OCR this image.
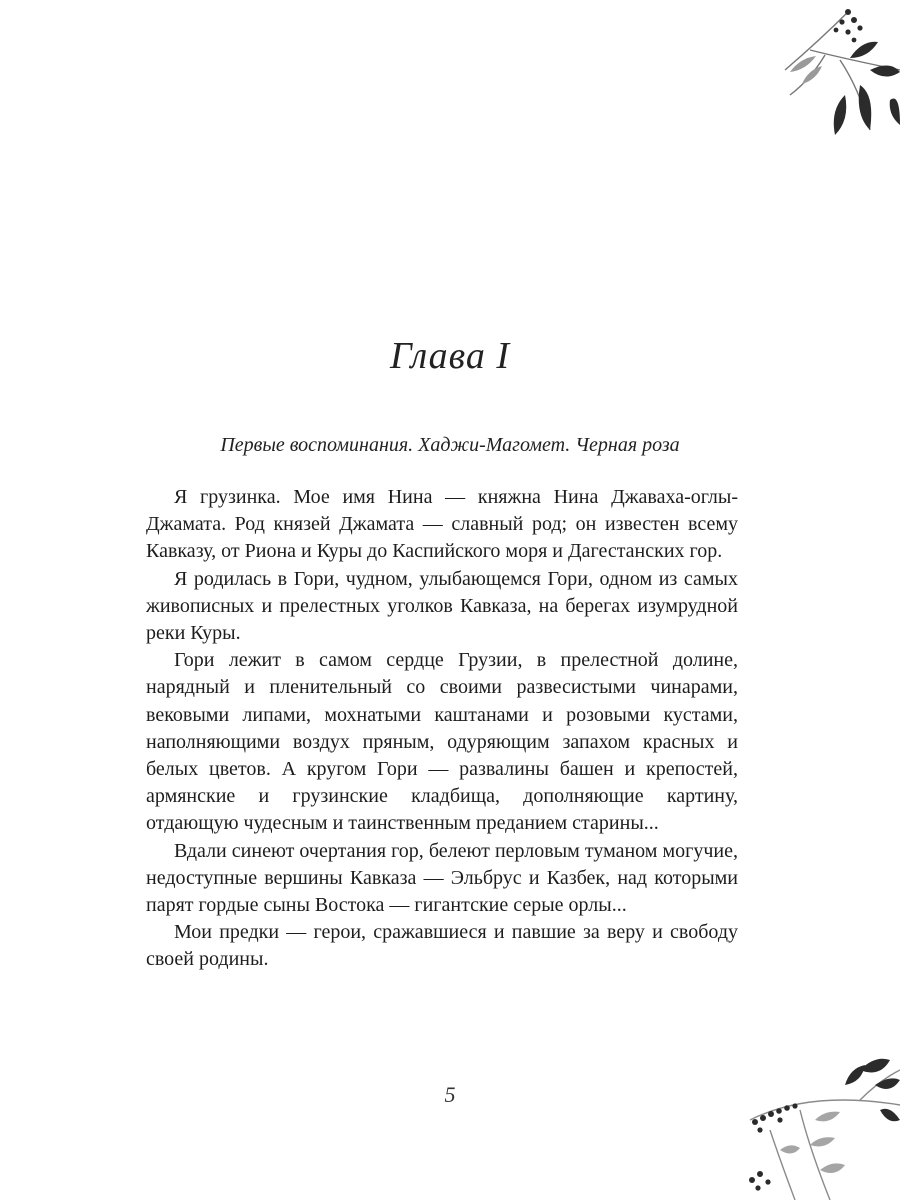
Глава I
Первые воспоминания. Хаджи-Магомет. Черная роза

Я грузинка. Мое имя Нина — княжна Нина Джаваха-оглы-Джамата. Род князей Джамата — славный род; он известен всему Кавказу, от Риона и Куры до Каспийского моря и Дагестанских гор.

Я родилась в Гори, чудном, улыбающемся Гори, одном из самых живописных и прелестных уголков Кавказа, на берегах изумрудной реки Куры.

Гори лежит в самом сердце Грузии, в прелестной долине, нарядный и пленительный со своими развесистыми чинарами, вековыми липами, мохнатыми каштанами и розовыми кустами, наполняющими воздух пряным, одуряющим запахом красных и белых цветов. А кругом Гори — развалины башен и крепостей, армянские и грузинские кладбища, дополняющие картину, отдающую чудесным и таинственным преданием старины...

Вдали синеют очертания гор, белеют перловым туманом могучие, недоступные вершины Кавказа — Эльбрус и Казбек, над которыми парят гордые сыны Востока — гигантские серые орлы...

Мои предки — герои, сражавшиеся и павшие за веру и свободу своей родины.

5
